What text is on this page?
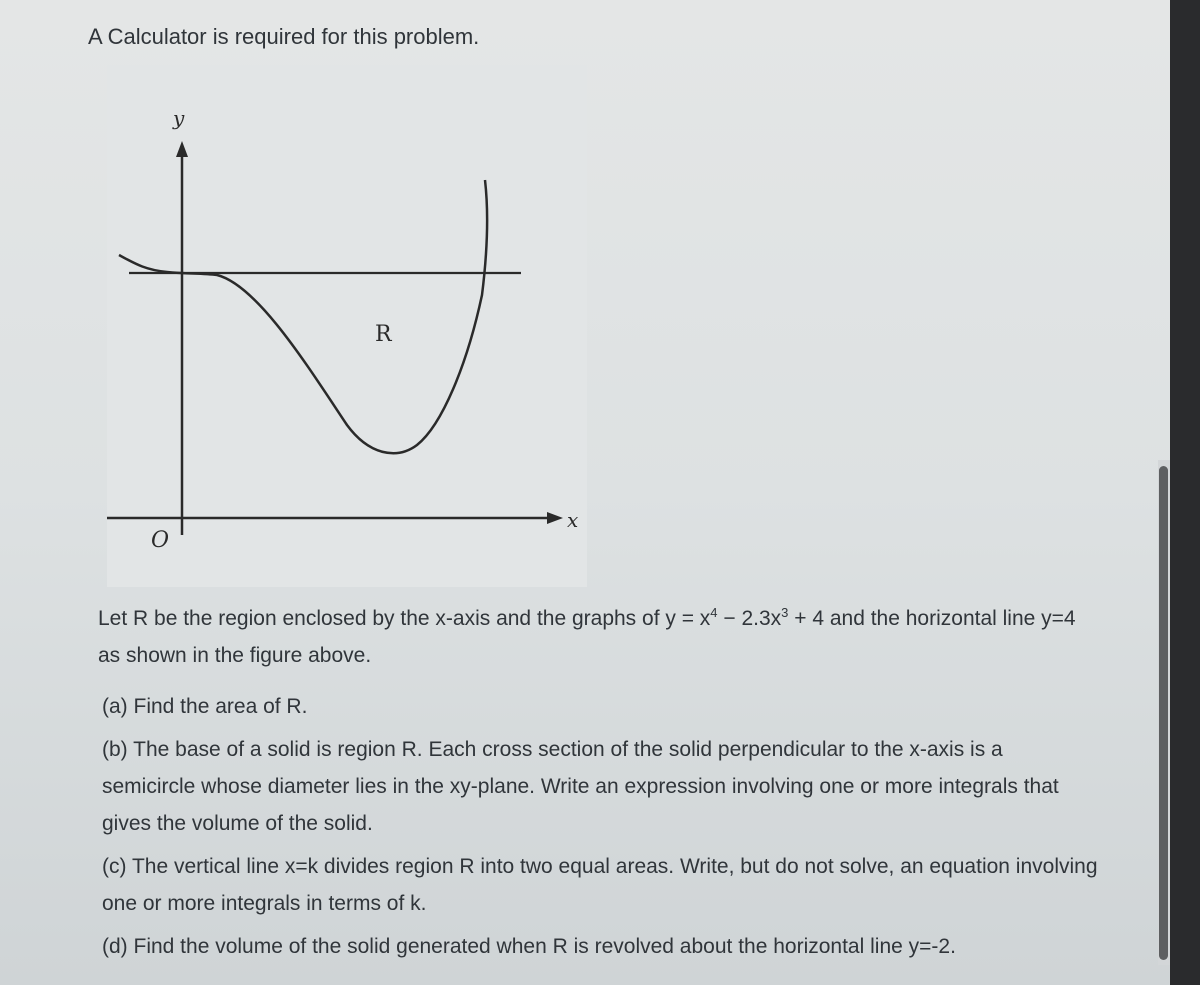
A Calculator is required for this problem.
y
x
O
R

Let R be the region enclosed by the x-axis and the graphs of $y = x^4 - 2.3x^3 + 4$ and the horizontal line y=4 as shown in the figure above.

(a) Find the area of R.

(b) The base of a solid is region R. Each cross section of the solid perpendicular to the x-axis is a semicircle whose diameter lies in the xy-plane. Write an expression involving one or more integrals that gives the volume of the solid.

(c) The vertical line x=k divides region R into two equal areas. Write, but do not solve, an equation involving one or more integrals in terms of k.

(d) Find the volume of the solid generated when R is revolved about the horizontal line y=-2.
